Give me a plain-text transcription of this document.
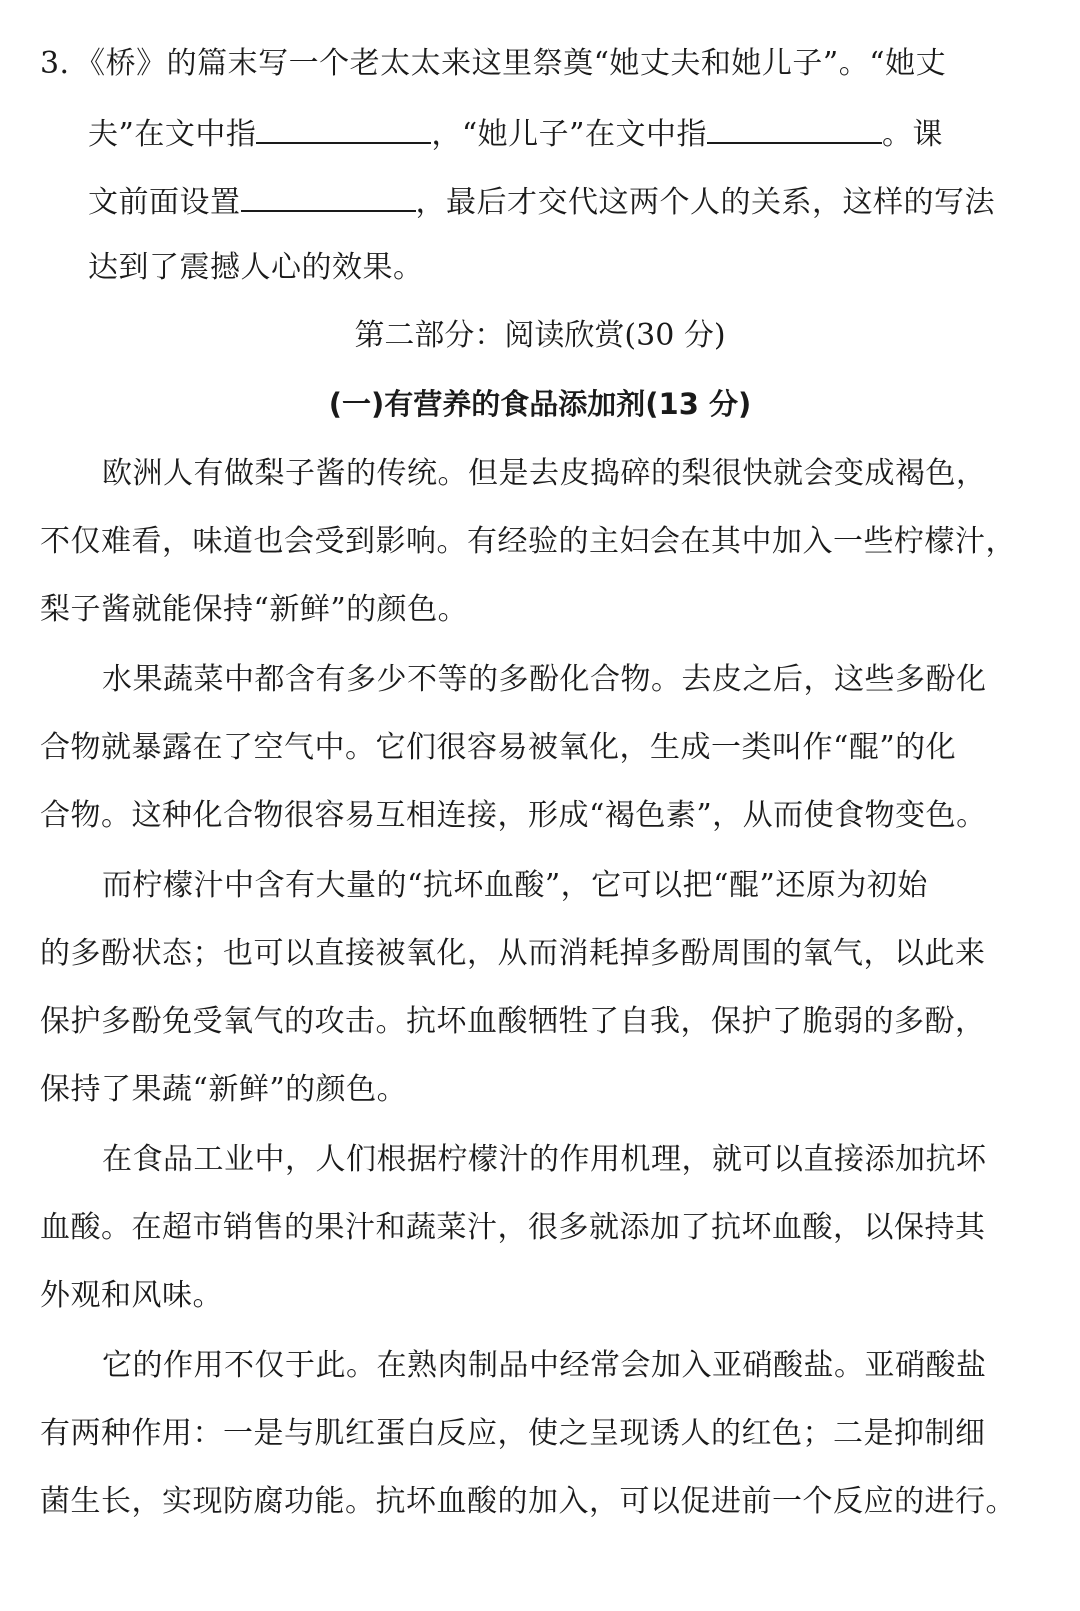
3．《桥》的篇末写一个老太太来这里祭奠“她丈夫和她儿子”。“她丈
夫”在文中指	，“她儿子”在文中指	。课
文前面设置	，最后才交代这两个人的关系，这样的写法
达到了震撼人心的效果。
第二部分：阅读欣赏(30 分)
(一)有营养的食品添加剂(13 分)
欧洲人有做梨子酱的传统。但是去皮捣碎的梨很快就会变成褐色，
不仅难看，味道也会受到影响。有经验的主妇会在其中加入一些柠檬汁，
梨子酱就能保持“新鲜”的颜色。
水果蔬菜中都含有多少不等的多酚化合物。去皮之后，这些多酚化
合物就暴露在了空气中。它们很容易被氧化，生成一类叫作“醌”的化
合物。这种化合物很容易互相连接，形成“褐色素”，从而使食物变色。
而柠檬汁中含有大量的“抗坏血酸”，它可以把“醌”还原为初始
的多酚状态；也可以直接被氧化，从而消耗掉多酚周围的氧气，以此来
保护多酚免受氧气的攻击。抗坏血酸牺牲了自我，保护了脆弱的多酚，
保持了果蔬“新鲜”的颜色。
在食品工业中，人们根据柠檬汁的作用机理，就可以直接添加抗坏
血酸。在超市销售的果汁和蔬菜汁，很多就添加了抗坏血酸，以保持其
外观和风味。
它的作用不仅于此。在熟肉制品中经常会加入亚硝酸盐。亚硝酸盐
有两种作用：一是与肌红蛋白反应，使之呈现诱人的红色；二是抑制细
菌生长，实现防腐功能。抗坏血酸的加入，可以促进前一个反应的进行。
